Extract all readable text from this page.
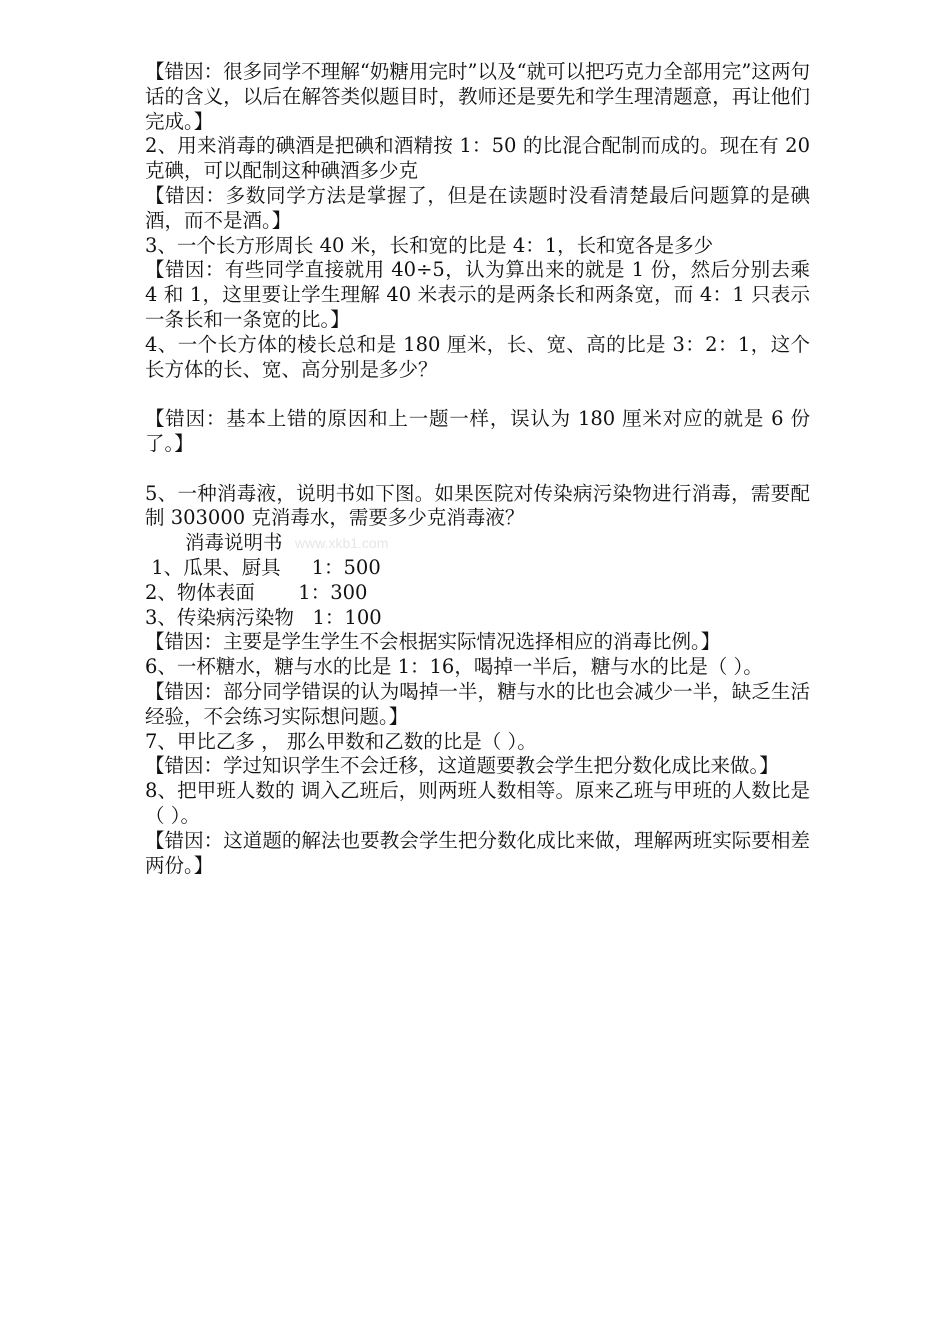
【错因：很多同学不理解“奶糖用完时”以及“就可以把巧克力全部用完”这两句话的含义，以后在解答类似题目时，教师还是要先和学生理清题意，再让他们完成。】

2、用来消毒的碘酒是把碘和酒精按 1：50 的比混合配制而成的。现在有 20 克碘，可以配制这种碘酒多少克

【错因：多数同学方法是掌握了，但是在读题时没看清楚最后问题算的是碘酒，而不是酒。】

3、一个长方形周长 40 米，长和宽的比是 4：1，长和宽各是多少

【错因：有些同学直接就用 40÷5，认为算出来的就是 1 份，然后分别去乘 4 和 1，这里要让学生理解 40 米表示的是两条长和两条宽，而 4：1 只表示一条长和一条宽的比。】

4、一个长方体的棱长总和是 180 厘米，长、宽、高的比是 3：2：1，这个长方体的长、宽、高分别是多少？

【错因：基本上错的原因和上一题一样，误认为 180 厘米对应的就是 6 份了。】

5、一种消毒液，说明书如下图。如果医院对传染病污染物进行消毒，需要配制 303000 克消毒水，需要多少克消毒液？

消毒说明书 www.xkb1.com

1、瓜果、厨具     1：500

2、物体表面       1：300

3、传染病污染物   1：100

【错因：主要是学生学生不会根据实际情况选择相应的消毒比例。】

6、一杯糖水，糖与水的比是 1：16，喝掉一半后，糖与水的比是（ ）。

【错因：部分同学错误的认为喝掉一半，糖与水的比也会减少一半，缺乏生活经验，不会练习实际想问题。】

7、甲比乙多 ， 那么甲数和乙数的比是（ ）。

【错因：学过知识学生不会迁移，这道题要教会学生把分数化成比来做。】

8、把甲班人数的 调入乙班后，则两班人数相等。原来乙班与甲班的人数比是（ ）。

【错因：这道题的解法也要教会学生把分数化成比来做，理解两班实际要相差两份。】
